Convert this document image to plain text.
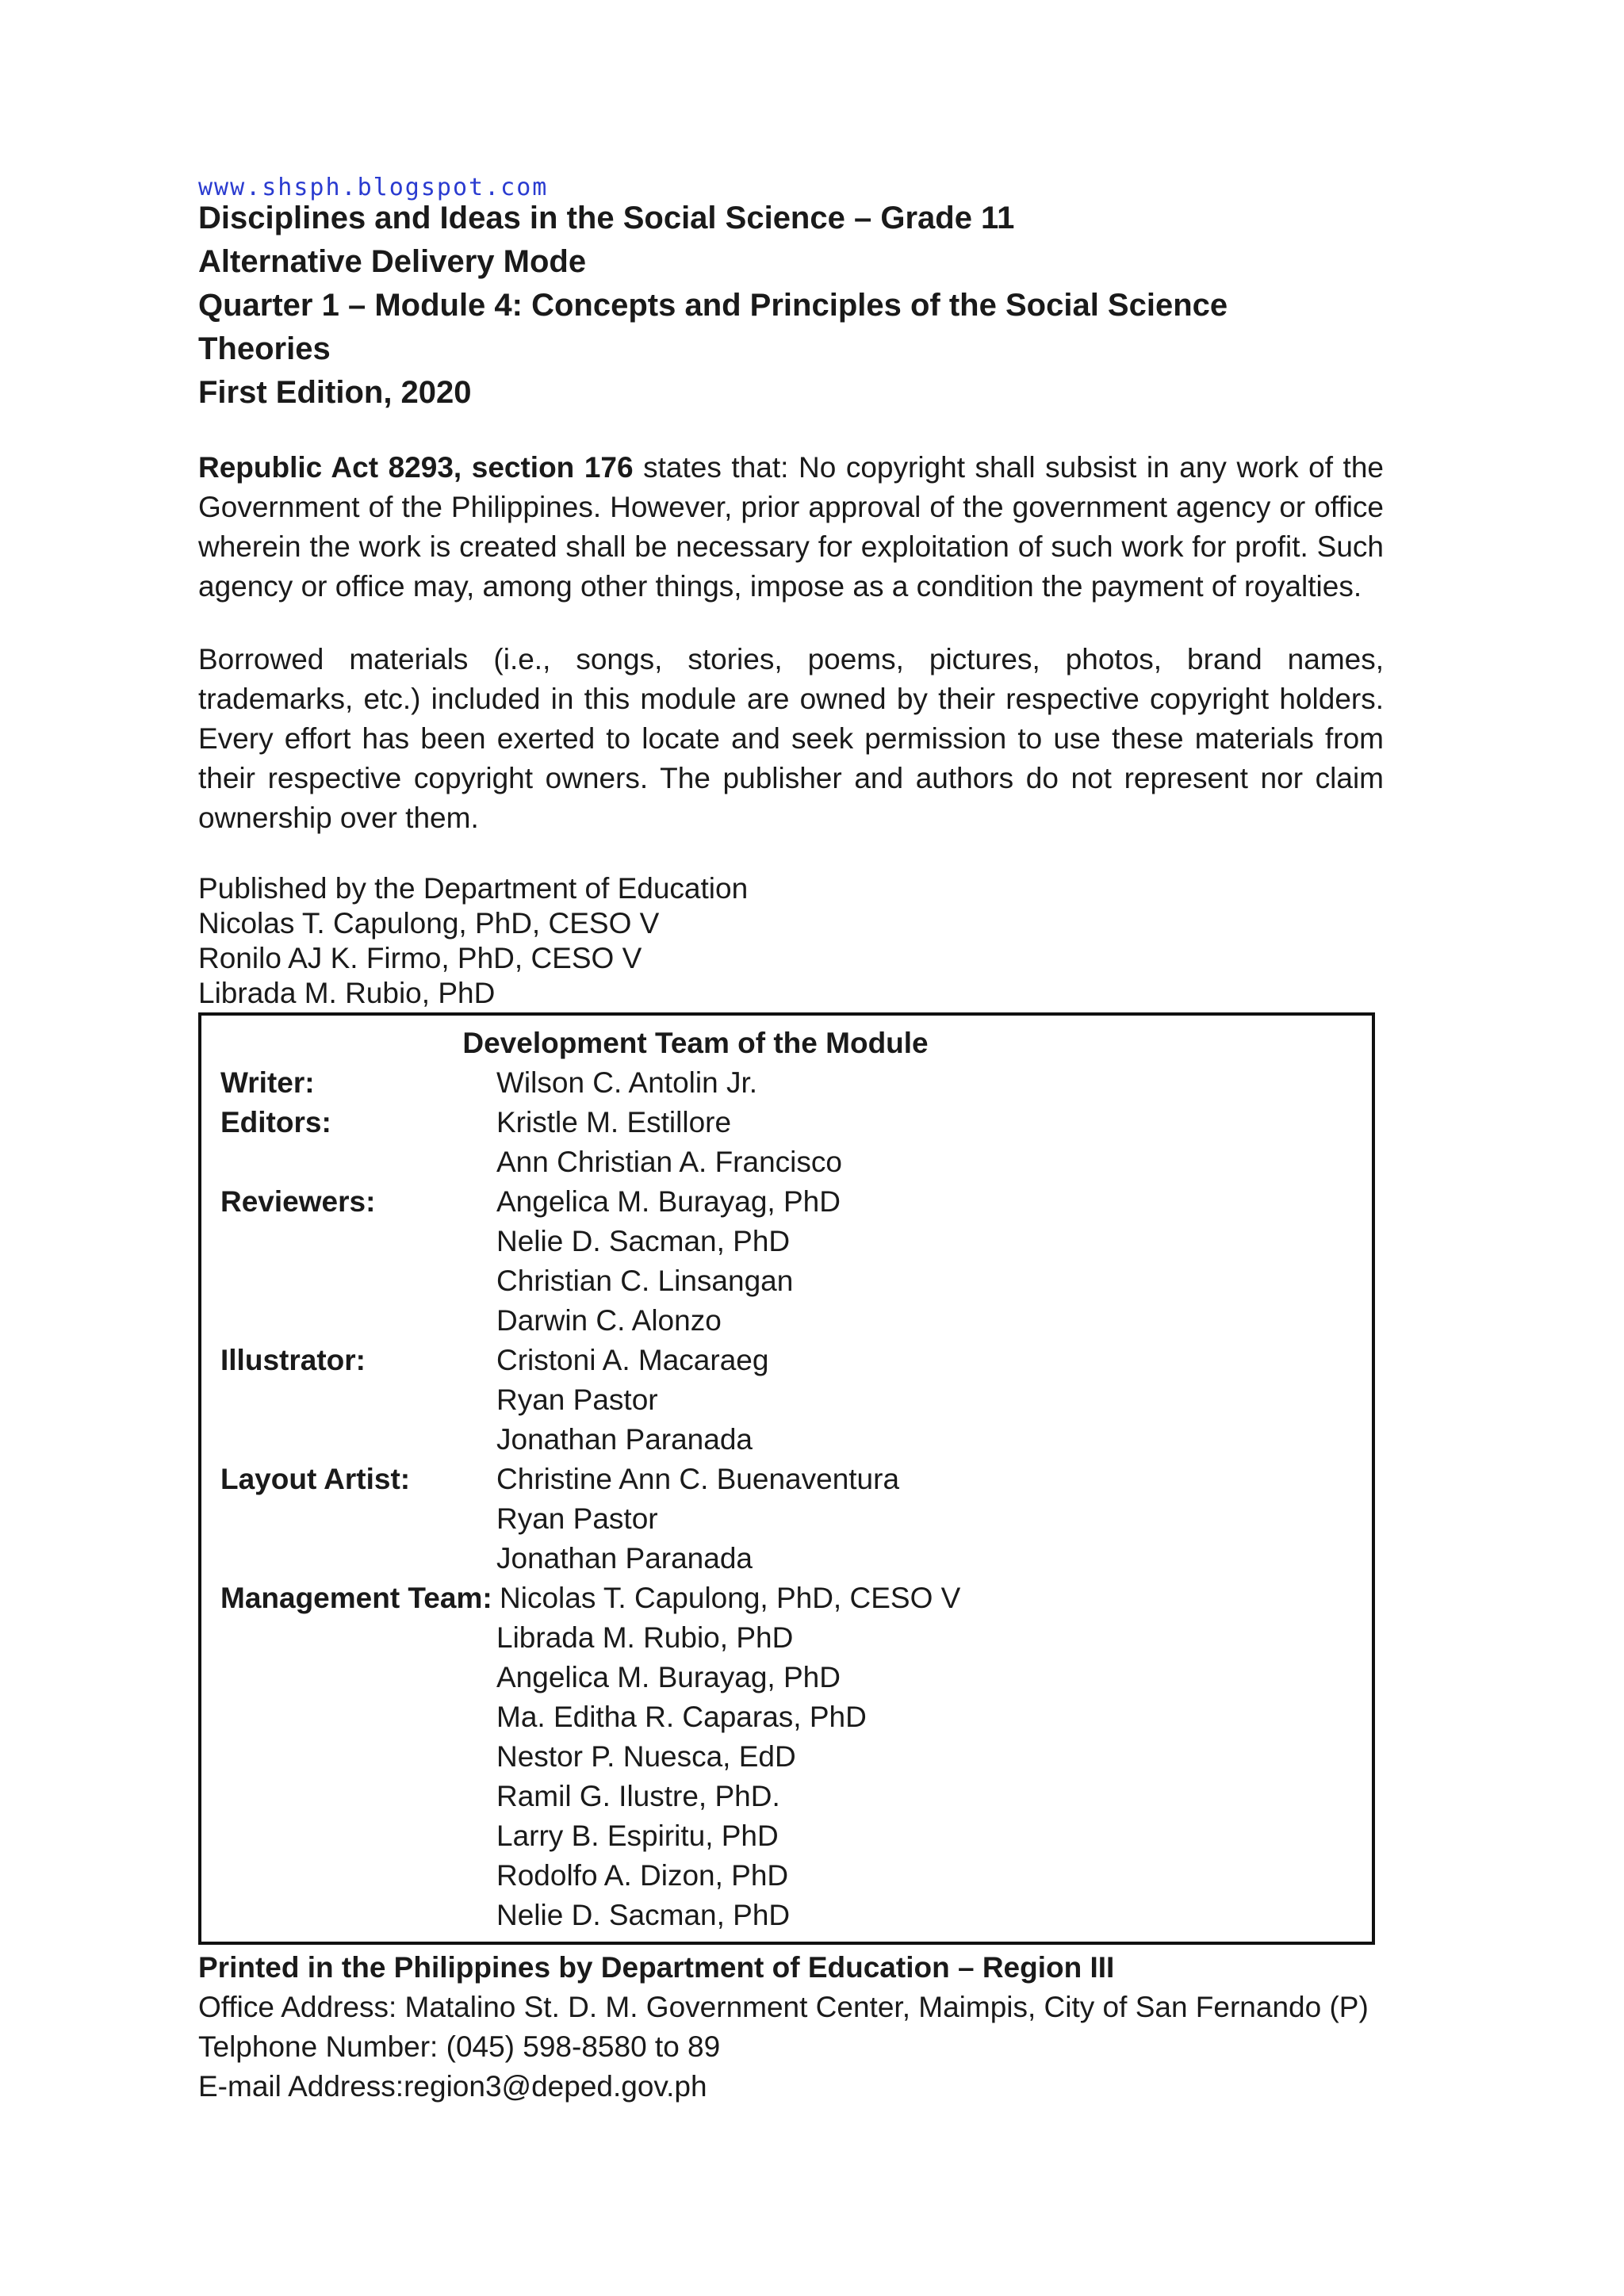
www.shsph.blogspot.com
Disciplines and Ideas in the Social Science – Grade 11
Alternative Delivery Mode
Quarter 1 – Module 4: Concepts and Principles of the Social Science
Theories
First Edition, 2020

Republic Act 8293, section 176 states that: No copyright shall subsist in any work of the Government of the Philippines. However, prior approval of the government agency or office wherein the work is created shall be necessary for exploitation of such work for profit. Such agency or office may, among other things, impose as a condition the payment of royalties.

Borrowed materials (i.e., songs, stories, poems, pictures, photos, brand names, trademarks, etc.) included in this module are owned by their respective copyright holders. Every effort has been exerted to locate and seek permission to use these materials from their respective copyright owners. The publisher and authors do not represent nor claim ownership over them.

Published by the Department of Education
Nicolas T. Capulong, PhD, CESO V
Ronilo AJ K. Firmo, PhD, CESO V
Librada M. Rubio, PhD
Development Team of the Module
Writer:	Wilson C. Antolin Jr.
Editors:	Kristle M. Estillore
Ann Christian A. Francisco
Reviewers:	Angelica M. Burayag, PhD
Nelie D. Sacman, PhD
Christian C. Linsangan
Darwin C. Alonzo
Illustrator:	Cristoni A. Macaraeg
Ryan Pastor
Jonathan Paranada
Layout Artist:	Christine Ann C. Buenaventura
Ryan Pastor
Jonathan Paranada
Management Team: Nicolas T. Capulong, PhD, CESO V
Librada M. Rubio, PhD
Angelica M. Burayag, PhD
Ma. Editha R. Caparas, PhD
Nestor P. Nuesca, EdD
Ramil G. Ilustre, PhD.
Larry B. Espiritu, PhD
Rodolfo A. Dizon, PhD
Nelie D. Sacman, PhD
Printed in the Philippines by Department of Education – Region III
Office Address: Matalino St. D. M. Government Center, Maimpis, City of San Fernando (P)
Telphone Number: (045) 598-8580 to 89
E-mail Address:region3@deped.gov.ph
